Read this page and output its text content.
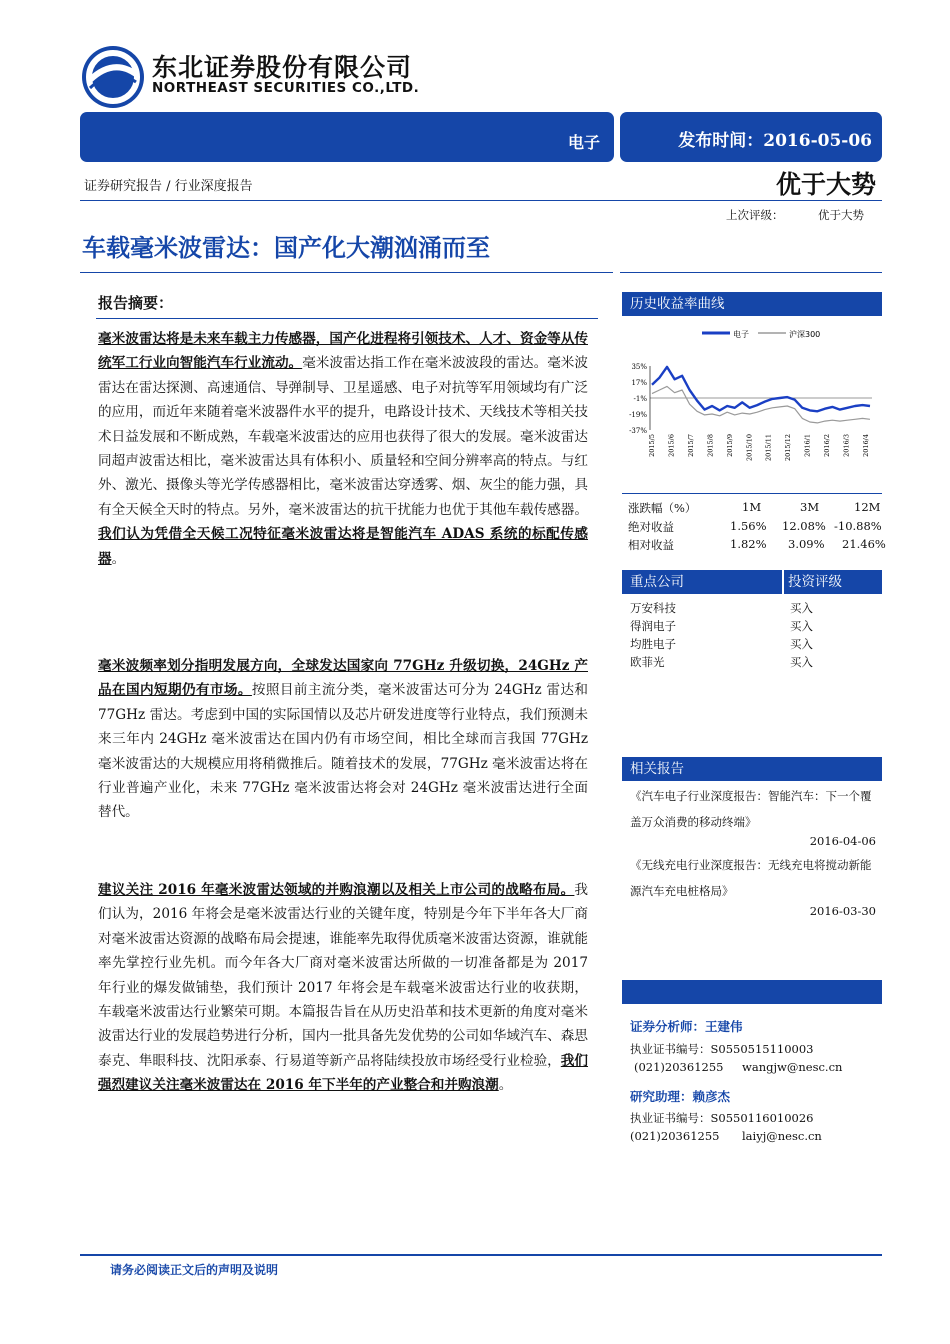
东北证券股份有限公司
NORTHEAST SECURITIES CO.,LTD.
电子	发布时间：2016-05-06
证券研究报告 / 行业深度报告	优于大势
上次评级：	优于大势
车载毫米波雷达：国产化大潮汹涌而至
报告摘要：
毫米波雷达将是未来车载主力传感器，国产化进程将引领技术、人才、资金等从传统军工行业向智能汽车行业流动。毫米波雷达指工作在毫米波波段的雷达。毫米波雷达在雷达探测、高速通信、导弹制导、卫星遥感、电子对抗等军用领域均有广泛的应用，而近年来随着毫米波器件水平的提升，电路设计技术、天线技术等相关技术日益发展和不断成熟，车载毫米波雷达的应用也获得了很大的发展。毫米波雷达同超声波雷达相比，毫米波雷达具有体积小、质量轻和空间分辨率高的特点。与红外、激光、摄像头等光学传感器相比，毫米波雷达穿透雾、烟、灰尘的能力强，具有全天候全天时的特点。另外，毫米波雷达的抗干扰能力也优于其他车载传感器。我们认为凭借全天候工况特征毫米波雷达将是智能汽车 ADAS 系统的标配传感器。
毫米波频率划分指明发展方向，全球发达国家向 77GHz 升级切换，24GHz 产品在国内短期仍有市场。按照目前主流分类，毫米波雷达可分为 24GHz 雷达和 77GHz 雷达。考虑到中国的实际国情以及芯片研发进度等行业特点，我们预测未来三年内 24GHz 毫米波雷达在国内仍有市场空间，相比全球而言我国 77GHz 毫米波雷达的大规模应用将稍微推后。随着技术的发展，77GHz 毫米波雷达将在行业普遍产业化，未来 77GHz 毫米波雷达将会对 24GHz 毫米波雷达进行全面替代。
建议关注 2016 年毫米波雷达领域的并购浪潮以及相关上市公司的战略布局。我们认为，2016 年将会是毫米波雷达行业的关键年度，特别是今年下半年各大厂商对毫米波雷达资源的战略布局会提速，谁能率先取得优质毫米波雷达资源，谁就能率先掌控行业先机。而今年各大厂商对毫米波雷达所做的一切准备都是为 2017 年行业的爆发做铺垫，我们预计 2017 年将会是车载毫米波雷达行业的收获期，车载毫米波雷达行业繁荣可期。本篇报告旨在从历史沿革和技术更新的角度对毫米波雷达行业的发展趋势进行分析，国内一批具备先发优势的公司如华域汽车、森思泰克、隼眼科技、沈阳承泰、行易道等新产品将陆续投放市场经受行业检验，我们强烈建议关注毫米波雷达在 2016 年下半年的产业整合和并购浪潮。
历史收益率曲线
电子	沪深300
35%
17%
-1%
-19%
-37%
2015/5 2015/6 2015/7 2015/8 2015/9 2015/10 2015/11 2015/12 2016/1 2016/2 2016/3 2016/4
涨跌幅（%）	1M	3M	12M
绝对收益	1.56% 12.08% -10.88%
相对收益	1.82% 3.09% 21.46%
重点公司	投资评级
万安科技	买入
得润电子	买入
均胜电子	买入
欧菲光	买入
相关报告
《汽车电子行业深度报告：智能汽车：下一个覆盖万众消费的移动终端》
2016-04-06
《无线充电行业深度报告：无线充电将搅动新能源汽车充电桩格局》
2016-03-30
证券分析师：王建伟
执业证书编号：S0550515110003
(021)20361255 wangjw@nesc.cn
研究助理：赖彦杰
执业证书编号：S0550116010026
(021)20361255 laiyj@nesc.cn
请务必阅读正文后的声明及说明
